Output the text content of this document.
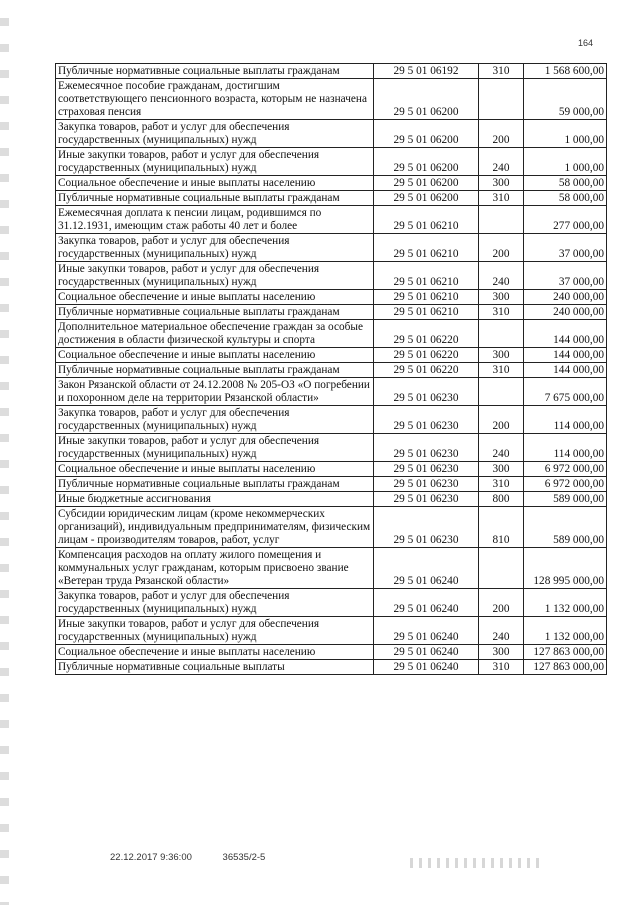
164
Публичные нормативные социальные выплаты гражданам	29 5 01 06192	310	1 568 600,00
Ежемесячное пособие гражданам, достигшим соответствующего пенсионного возраста, которым не назначена страховая пенсия	29 5 01 06200		59 000,00
Закупка товаров, работ и услуг для обеспечения государственных (муниципальных) нужд	29 5 01 06200	200	1 000,00
Иные закупки товаров, работ и услуг для обеспечения государственных (муниципальных) нужд	29 5 01 06200	240	1 000,00
Социальное обеспечение и иные выплаты населению	29 5 01 06200	300	58 000,00
Публичные нормативные социальные выплаты гражданам	29 5 01 06200	310	58 000,00
Ежемесячная доплата к пенсии лицам, родившимся по 31.12.1931, имеющим стаж работы 40 лет и более	29 5 01 06210		277 000,00
Закупка товаров, работ и услуг для обеспечения государственных (муниципальных) нужд	29 5 01 06210	200	37 000,00
Иные закупки товаров, работ и услуг для обеспечения государственных (муниципальных) нужд	29 5 01 06210	240	37 000,00
Социальное обеспечение и иные выплаты населению	29 5 01 06210	300	240 000,00
Публичные нормативные социальные выплаты гражданам	29 5 01 06210	310	240 000,00
Дополнительное материальное обеспечение граждан за особые достижения в области физической культуры и спорта	29 5 01 06220		144 000,00
Социальное обеспечение и иные выплаты населению	29 5 01 06220	300	144 000,00
Публичные нормативные социальные выплаты гражданам	29 5 01 06220	310	144 000,00
Закон Рязанской области от 24.12.2008 № 205-ОЗ «О погребении и похоронном деле на территории Рязанской области»	29 5 01 06230		7 675 000,00
Закупка товаров, работ и услуг для обеспечения государственных (муниципальных) нужд	29 5 01 06230	200	114 000,00
Иные закупки товаров, работ и услуг для обеспечения государственных (муниципальных) нужд	29 5 01 06230	240	114 000,00
Социальное обеспечение и иные выплаты населению	29 5 01 06230	300	6 972 000,00
Публичные нормативные социальные выплаты гражданам	29 5 01 06230	310	6 972 000,00
Иные бюджетные ассигнования	29 5 01 06230	800	589 000,00
Субсидии юридическим лицам (кроме некоммерческих организаций), индивидуальным предпринимателям, физическим лицам - производителям товаров, работ, услуг	29 5 01 06230	810	589 000,00
Компенсация расходов на оплату жилого помещения и коммунальных услуг гражданам, которым присвоено звание «Ветеран труда Рязанской области»	29 5 01 06240		128 995 000,00
Закупка товаров, работ и услуг для обеспечения государственных (муниципальных) нужд	29 5 01 06240	200	1 132 000,00
Иные закупки товаров, работ и услуг для обеспечения государственных (муниципальных) нужд	29 5 01 06240	240	1 132 000,00
Социальное обеспечение и иные выплаты населению	29 5 01 06240	300	127 863 000,00
Публичные нормативные социальные выплаты	29 5 01 06240	310	127 863 000,00
22.12.2017 9:36:00	36535/2-5
